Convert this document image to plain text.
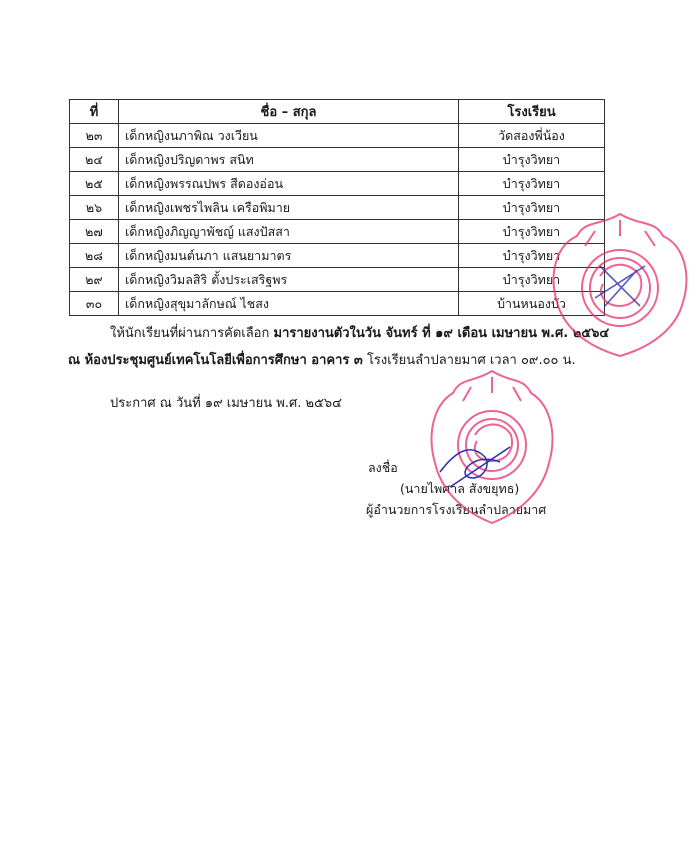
ที่	ชื่อ – สกุล	โรงเรียน
๒๓	เด็กหญิงนภาพิณ วงเวียน	วัดสองพี่น้อง
๒๔	เด็กหญิงปริญดาพร สนิท	บำรุงวิทยา
๒๕	เด็กหญิงพรรณปพร สีดองอ่อน	บำรุงวิทยา
๒๖	เด็กหญิงเพชรไพลิน เครือพิมาย	บำรุงวิทยา
๒๗	เด็กหญิงภิญญาพัชญ์ แสงปัสสา	บำรุงวิทยา
๒๘	เด็กหญิงมนต์นภา แสนยามาตร	บำรุงวิทยา
๒๙	เด็กหญิงวิมลสิริ ตั้งประเสริฐพร	บำรุงวิทยา
๓๐	เด็กหญิงสุขุมาลักษณ์ ไชสง	บ้านหนองบัว
ให้นักเรียนที่ผ่านการคัดเลือก มารายงานตัวในวัน จันทร์ ที่ ๑๙ เดือน เมษายน พ.ศ. ๒๕๖๔
ณ ห้องประชุมศูนย์เทคโนโลยีเพื่อการศึกษา อาคาร ๓ โรงเรียนลำปลายมาศ เวลา ๐๙.๐๐ น.
ประกาศ ณ วันที่ ๑๙ เมษายน พ.ศ. ๒๕๖๔
ลงชื่อ
(นายไพศาล สังขยุทธ)
ผู้อำนวยการโรงเรียนลำปลายมาศ
